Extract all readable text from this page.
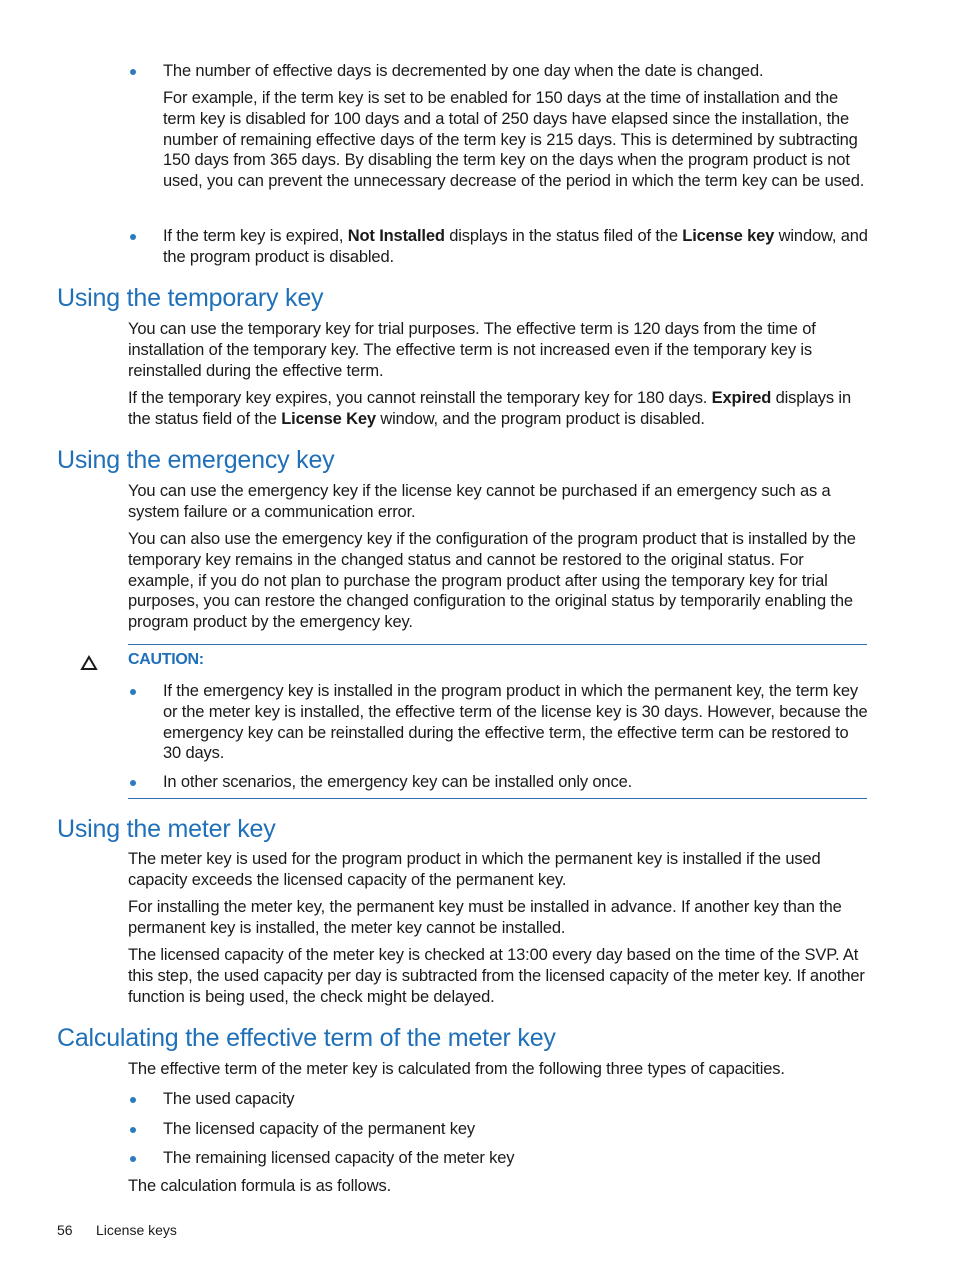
The number of effective days is decremented by one day when the date is changed.

For example, if the term key is set to be enabled for 150 days at the time of installation and the term key is disabled for 100 days and a total of 250 days have elapsed since the installation, the number of remaining effective days of the term key is 215 days. This is determined by subtracting 150 days from 365 days. By disabling the term key on the days when the program product is not used, you can prevent the unnecessary decrease of the period in which the term key can be used.

If the term key is expired, Not Installed displays in the status filed of the License key window, and the program product is disabled.

Using the temporary key

You can use the temporary key for trial purposes. The effective term is 120 days from the time of installation of the temporary key. The effective term is not increased even if the temporary key is reinstalled during the effective term.

If the temporary key expires, you cannot reinstall the temporary key for 180 days. Expired displays in the status field of the License Key window, and the program product is disabled.

Using the emergency key

You can use the emergency key if the license key cannot be purchased if an emergency such as a system failure or a communication error.

You can also use the emergency key if the configuration of the program product that is installed by the temporary key remains in the changed status and cannot be restored to the original status. For example, if you do not plan to purchase the program product after using the temporary key for trial purposes, you can restore the changed configuration to the original status by temporarily enabling the program product by the emergency key.

CAUTION:

If the emergency key is installed in the program product in which the permanent key, the term key or the meter key is installed, the effective term of the license key is 30 days. However, because the emergency key can be reinstalled during the effective term, the effective term can be restored to 30 days.

In other scenarios, the emergency key can be installed only once.

Using the meter key

The meter key is used for the program product in which the permanent key is installed if the used capacity exceeds the licensed capacity of the permanent key.

For installing the meter key, the permanent key must be installed in advance. If another key than the permanent key is installed, the meter key cannot be installed.

The licensed capacity of the meter key is checked at 13:00 every day based on the time of the SVP. At this step, the used capacity per day is subtracted from the licensed capacity of the meter key. If another function is being used, the check might be delayed.

Calculating the effective term of the meter key

The effective term of the meter key is calculated from the following three types of capacities.

The used capacity

The licensed capacity of the permanent key

The remaining licensed capacity of the meter key

The calculation formula is as follows.

56 License keys
